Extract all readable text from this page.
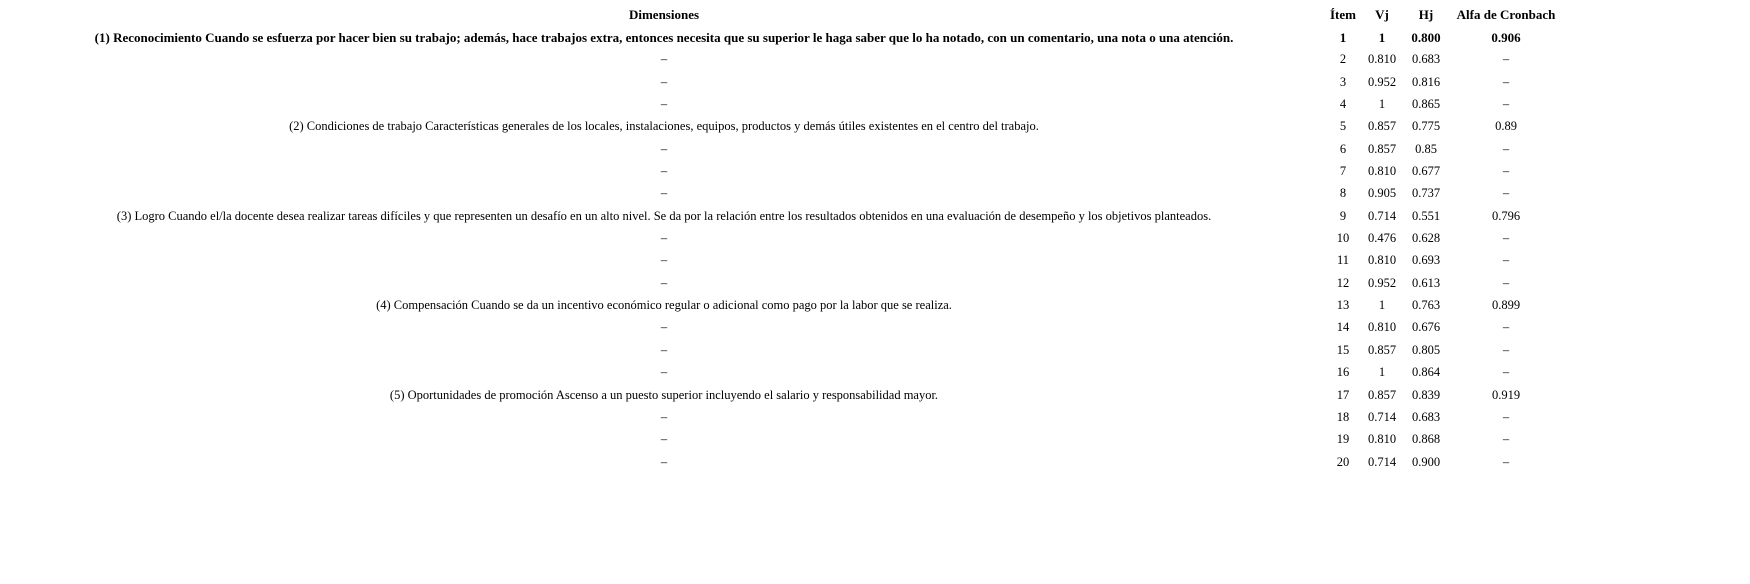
Dimensiones	Ítem	Vj	Hj	Alfa de Cronbach
(1) Reconocimiento Cuando se esfuerza por hacer bien su trabajo; además, hace trabajos extra, entonces necesita que su superior le haga saber que lo ha notado, con un comentario, una nota o una atención.	1	1	0.800	0.906
–	2	0.810	0.683	–
–	3	0.952	0.816	–
–	4	1	0.865	–
(2) Condiciones de trabajo Características generales de los locales, instalaciones, equipos, productos y demás útiles existentes en el centro del trabajo.	5	0.857	0.775	0.89
–	6	0.857	0.85	–
–	7	0.810	0.677	–
–	8	0.905	0.737	–
(3) Logro Cuando el/la docente desea realizar tareas difíciles y que representen un desafío en un alto nivel. Se da por la relación entre los resultados obtenidos en una evaluación de desempeño y los objetivos planteados.	9	0.714	0.551	0.796
–	10	0.476	0.628	–
–	11	0.810	0.693	–
–	12	0.952	0.613	–
(4) Compensación Cuando se da un incentivo económico regular o adicional como pago por la labor que se realiza.	13	1	0.763	0.899
–	14	0.810	0.676	–
–	15	0.857	0.805	–
–	16	1	0.864	–
(5) Oportunidades de promoción Ascenso a un puesto superior incluyendo el salario y responsabilidad mayor.	17	0.857	0.839	0.919
–	18	0.714	0.683	–
–	19	0.810	0.868	–
–	20	0.714	0.900	–
